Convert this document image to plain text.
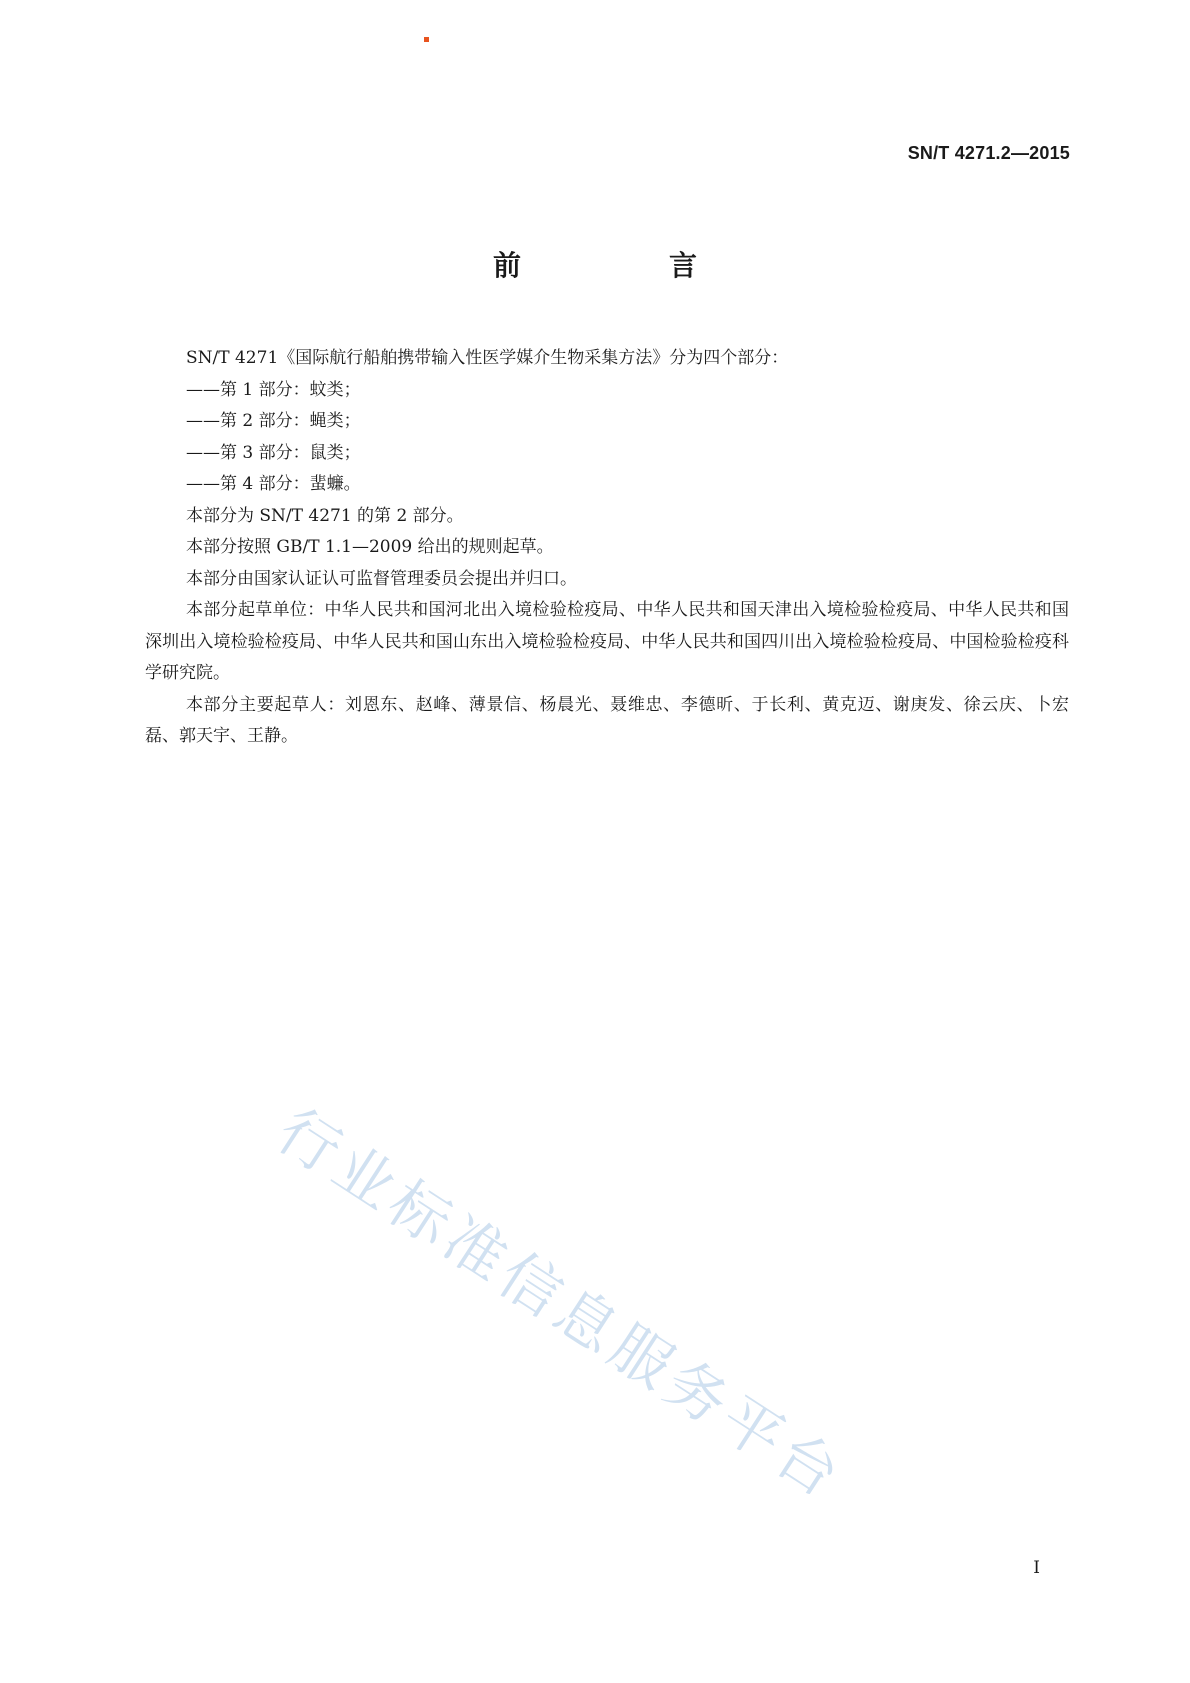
SN/T 4271.2—2015

前　言

SN/T 4271《国际航行船舶携带输入性医学媒介生物采集方法》分为四个部分：

——第 1 部分：蚊类；
——第 2 部分：蝇类；
——第 3 部分：鼠类；
——第 4 部分：蜚蠊。

本部分为 SN/T 4271 的第 2 部分。

本部分按照 GB/T 1.1—2009 给出的规则起草。

本部分由国家认证认可监督管理委员会提出并归口。

本部分起草单位：中华人民共和国河北出入境检验检疫局、中华人民共和国天津出入境检验检疫局、中华人民共和国深圳出入境检验检疫局、中华人民共和国山东出入境检验检疫局、中华人民共和国四川出入境检验检疫局、中国检验检疫科学研究院。

本部分主要起草人：刘恩东、赵峰、薄景信、杨晨光、聂维忠、李德昕、于长利、黄克迈、谢庚发、徐云庆、卜宏磊、郭天宇、王静。

行业标准信息服务平台

I
